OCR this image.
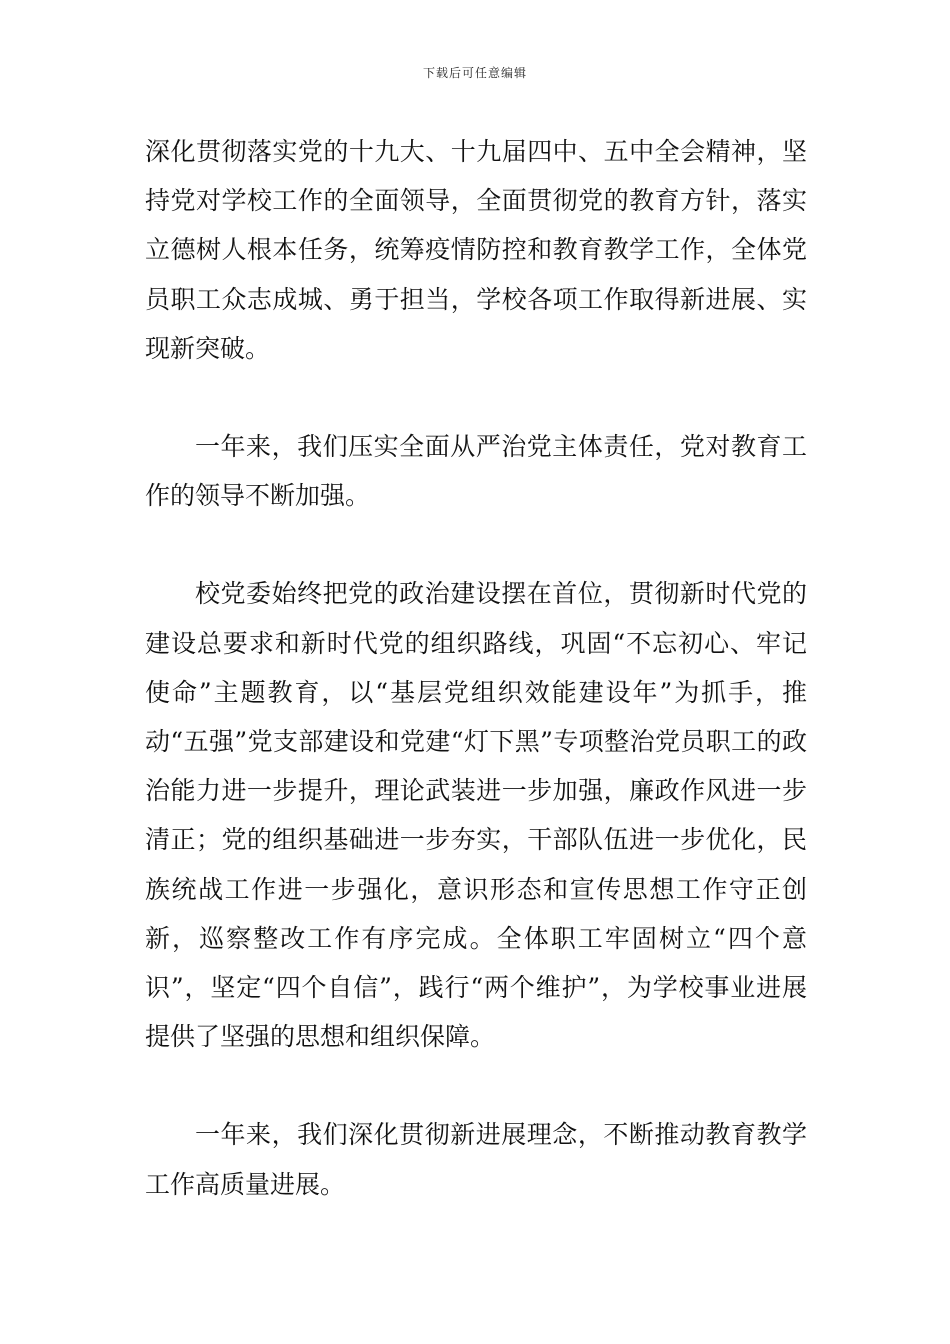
下载后可任意编辑

深化贯彻落实党的十九大、十九届四中、五中全会精神，坚持党对学校工作的全面领导，全面贯彻党的教育方针，落实立德树人根本任务，统筹疫情防控和教育教学工作，全体党员职工众志成城、勇于担当，学校各项工作取得新进展、实现新突破。

一年来，我们压实全面从严治党主体责任，党对教育工作的领导不断加强。

校党委始终把党的政治建设摆在首位，贯彻新时代党的建设总要求和新时代党的组织路线，巩固“不忘初心、牢记使命”主题教育，以“基层党组织效能建设年”为抓手，推动“五强”党支部建设和党建“灯下黑”专项整治党员职工的政治能力进一步提升，理论武装进一步加强，廉政作风进一步清正；党的组织基础进一步夯实，干部队伍进一步优化，民族统战工作进一步强化，意识形态和宣传思想工作守正创新，巡察整改工作有序完成。全体职工牢固树立“四个意识”，坚定“四个自信”，践行“两个维护”，为学校事业进展提供了坚强的思想和组织保障。

一年来，我们深化贯彻新进展理念，不断推动教育教学工作高质量进展。
